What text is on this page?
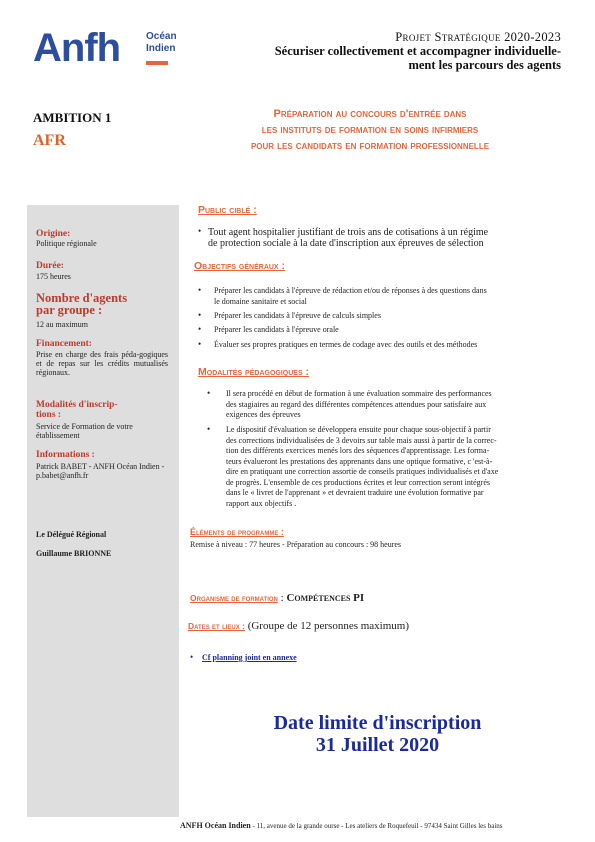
Anfh	Océan
Indien
Projet Stratégique 2020-2023
Sécuriser collectivement et accompagner individuelle-
ment les parcours des agents
AMBITION 1
AFR
Préparation au concours d'entrée dans
les instituts de formation en soins infirmiers
pour les candidats en formation professionnelle
Origine:
Politique régionale
Durée:
175 heures
Nombre d'agents
par groupe :
12 au maximum
Financement:
Prise en charge des frais péda-gogiques et de repas sur les crédits mutualisés régionaux.
Modalités d'inscrip-
tions :
Service de Formation de votre établissement
Informations :
Patrick BABET - ANFH Océan Indien - p.babet@anfh.fr
Le Délégué Régional
Guillaume BRIONNE
Public ciblé :
• Tout agent hospitalier justifiant de trois ans de cotisations à un régime
de protection sociale à la date d'inscription aux épreuves de sélection
Objectifs généraux :
• Préparer les candidats à l'épreuve de rédaction et/ou de réponses à des questions dans
le domaine sanitaire et social
• Préparer les candidats à l'épreuve de calculs simples
• Préparer les candidats à l'épreuve orale
• Évaluer ses propres pratiques en termes de codage avec des outils et des méthodes
Modalités pédagogiques :
• Il sera procédé en début de formation à une évaluation sommaire des performances
des stagiaires au regard des différentes compétences attendues pour satisfaire aux
exigences des épreuves
• Le dispositif d'évaluation se développera ensuite pour chaque sous-objectif à partir
des corrections individualisées de 3 devoirs sur table mais aussi à partir de la correc-
tion des différents exercices menés lors des séquences d'apprentissage. Les forma-
teurs évalueront les prestations des apprenants dans une optique formative, c 'est-à-
dire en pratiquant une correction assortie de conseils pratiques individualisés et d'axe
de progrès. L'ensemble de ces productions écrites et leur correction seront intégrés
dans le « livret de l'apprenant » et devraient traduire une évolution formative par
rapport aux objectifs .
Éléments de programme :
Remise à niveau : 77 heures - Préparation au concours : 98 heures
Organisme de formation : Compétences PI
Dates et lieux : (Groupe de 12 personnes maximum)
• Cf planning joint en annexe
Date limite d'inscription
31 Juillet 2020
ANFH Océan Indien - 11, avenue de la grande ourse - Les ateliers de Roquefeuil - 97434 Saint Gilles les bains
